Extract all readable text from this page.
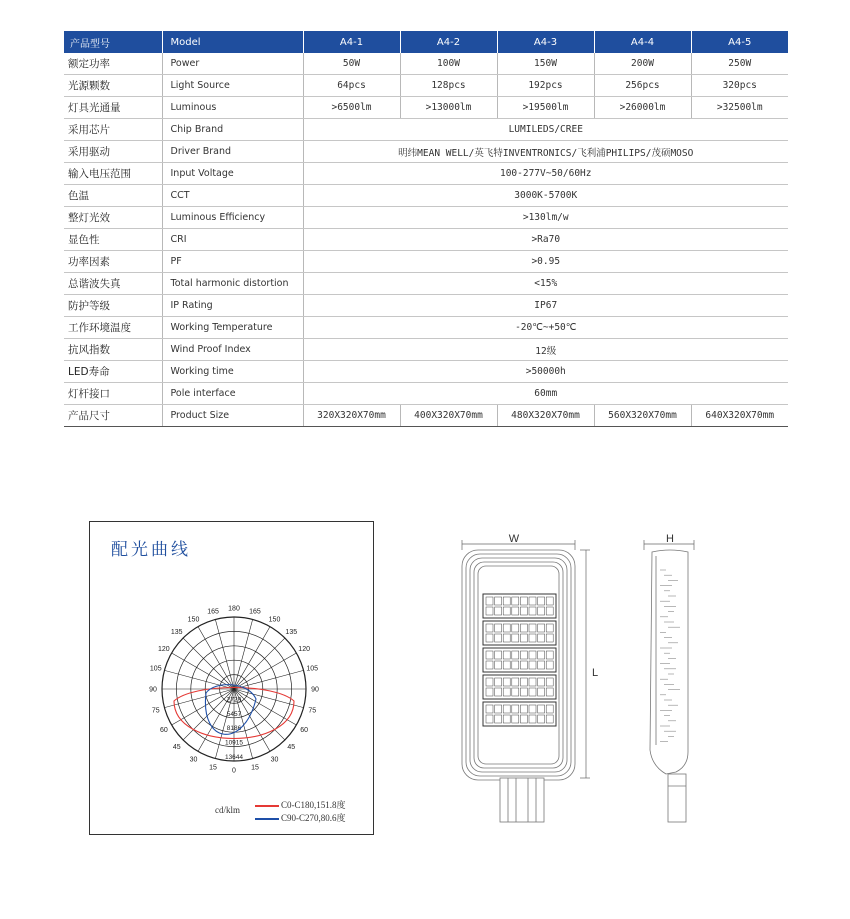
产品型号	Model	A4-1	A4-2	A4-3	A4-4	A4-5
额定功率	Power	50W	100W	150W	200W	250W
光源颗数	Light Source	64pcs	128pcs	192pcs	256pcs	320pcs
灯具光通量	Luminous	>6500lm	>13000lm	>19500lm	>26000lm	>32500lm
采用芯片	Chip Brand	LUMILEDS/CREE				
采用驱动	Driver Brand	明纬MEAN WELL/英飞特INVENTRONICS/飞利浦PHILIPS/茂硕MOSO				
输入电压范围	Input Voltage	100-277V~50/60Hz				
色温	CCT	3000K-5700K				
整灯光效	Luminous Efficiency	>130lm/w				
显色性	CRI	>Ra70				
功率因素	PF	>0.95				
总谐波失真	Total harmonic distortion	<15%				
防护等级	IP Rating	IP67				
工作环境温度	Working Temperature	-20℃~+50℃				
抗风指数	Wind Proof Index	12级				
LED寿命	Working time	>50000h				
灯杆接口	Pole interface	60mm				
产品尺寸	Product Size	320X320X70mm	400X320X70mm	480X320X70mm	560X320X70mm	640X320X70mm
配光曲线
180 165
165
150
150
135
135
120
120
105
105
90
90
75
75
60
60
45
45
30
30
15
15 0
2729
5457
8186
10915
13644
cd/klm	C0-C180,151.8度
C90-C270,80.6度
W
L
H
